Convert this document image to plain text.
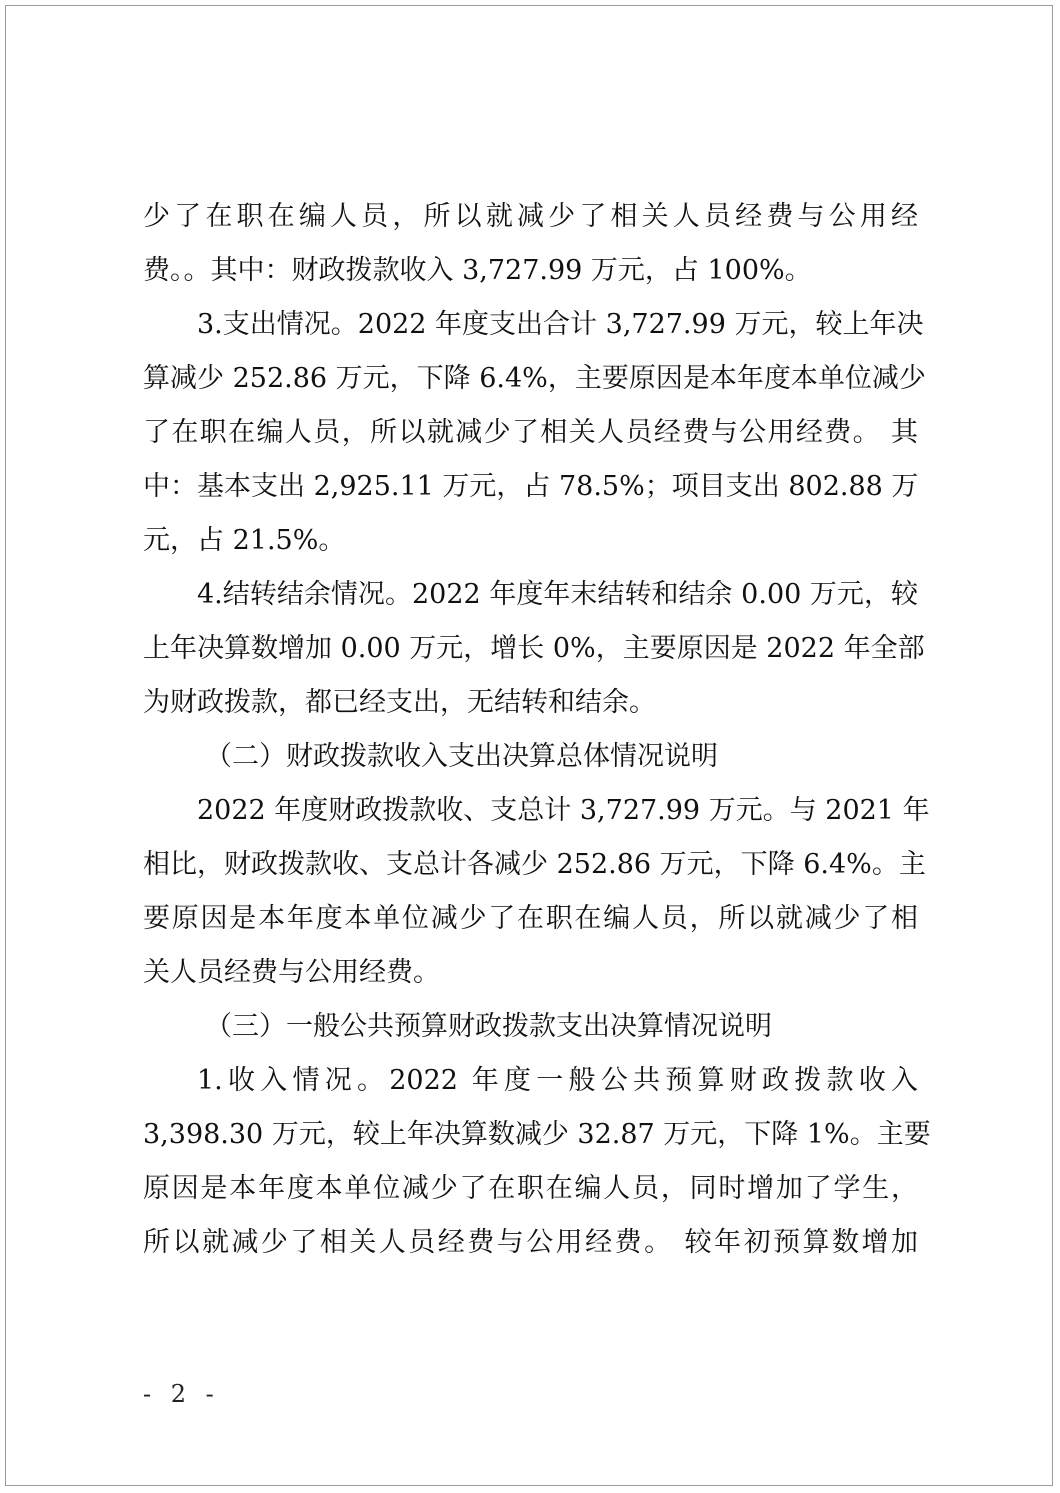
少了在职在编人员，所以就减少了相关人员经费与公用经
费。。其中：财政拨款收入 3,727.99 万元，占 100%。
3.支出情况。2022 年度支出合计 3,727.99 万元，较上年决
算减少 252.86 万元，下降 6.4%，主要原因是本年度本单位减少
了在职在编人员，所以就减少了相关人员经费与公用经费。 其
中：基本支出 2,925.11 万元，占 78.5%；项目支出 802.88 万
元，占 21.5%。
4.结转结余情况。2022 年度年末结转和结余 0.00 万元，较
上年决算数增加 0.00 万元，增长 0%，主要原因是 2022 年全部
为财政拨款，都已经支出，无结转和结余。
（二）财政拨款收入支出决算总体情况说明
2022 年度财政拨款收、支总计 3,727.99 万元。与 2021 年
相比，财政拨款收、支总计各减少 252.86 万元，下降 6.4%。主
要原因是本年度本单位减少了在职在编人员，所以就减少了相
关人员经费与公用经费。
（三）一般公共预算财政拨款支出决算情况说明
1.收入情况。2022 年度一般公共预算财政拨款收入
3,398.30 万元，较上年决算数减少 32.87 万元，下降 1%。主要
原因是本年度本单位减少了在职在编人员，同时增加了学生，
所以就减少了相关人员经费与公用经费。 较年初预算数增加
- 2 -
